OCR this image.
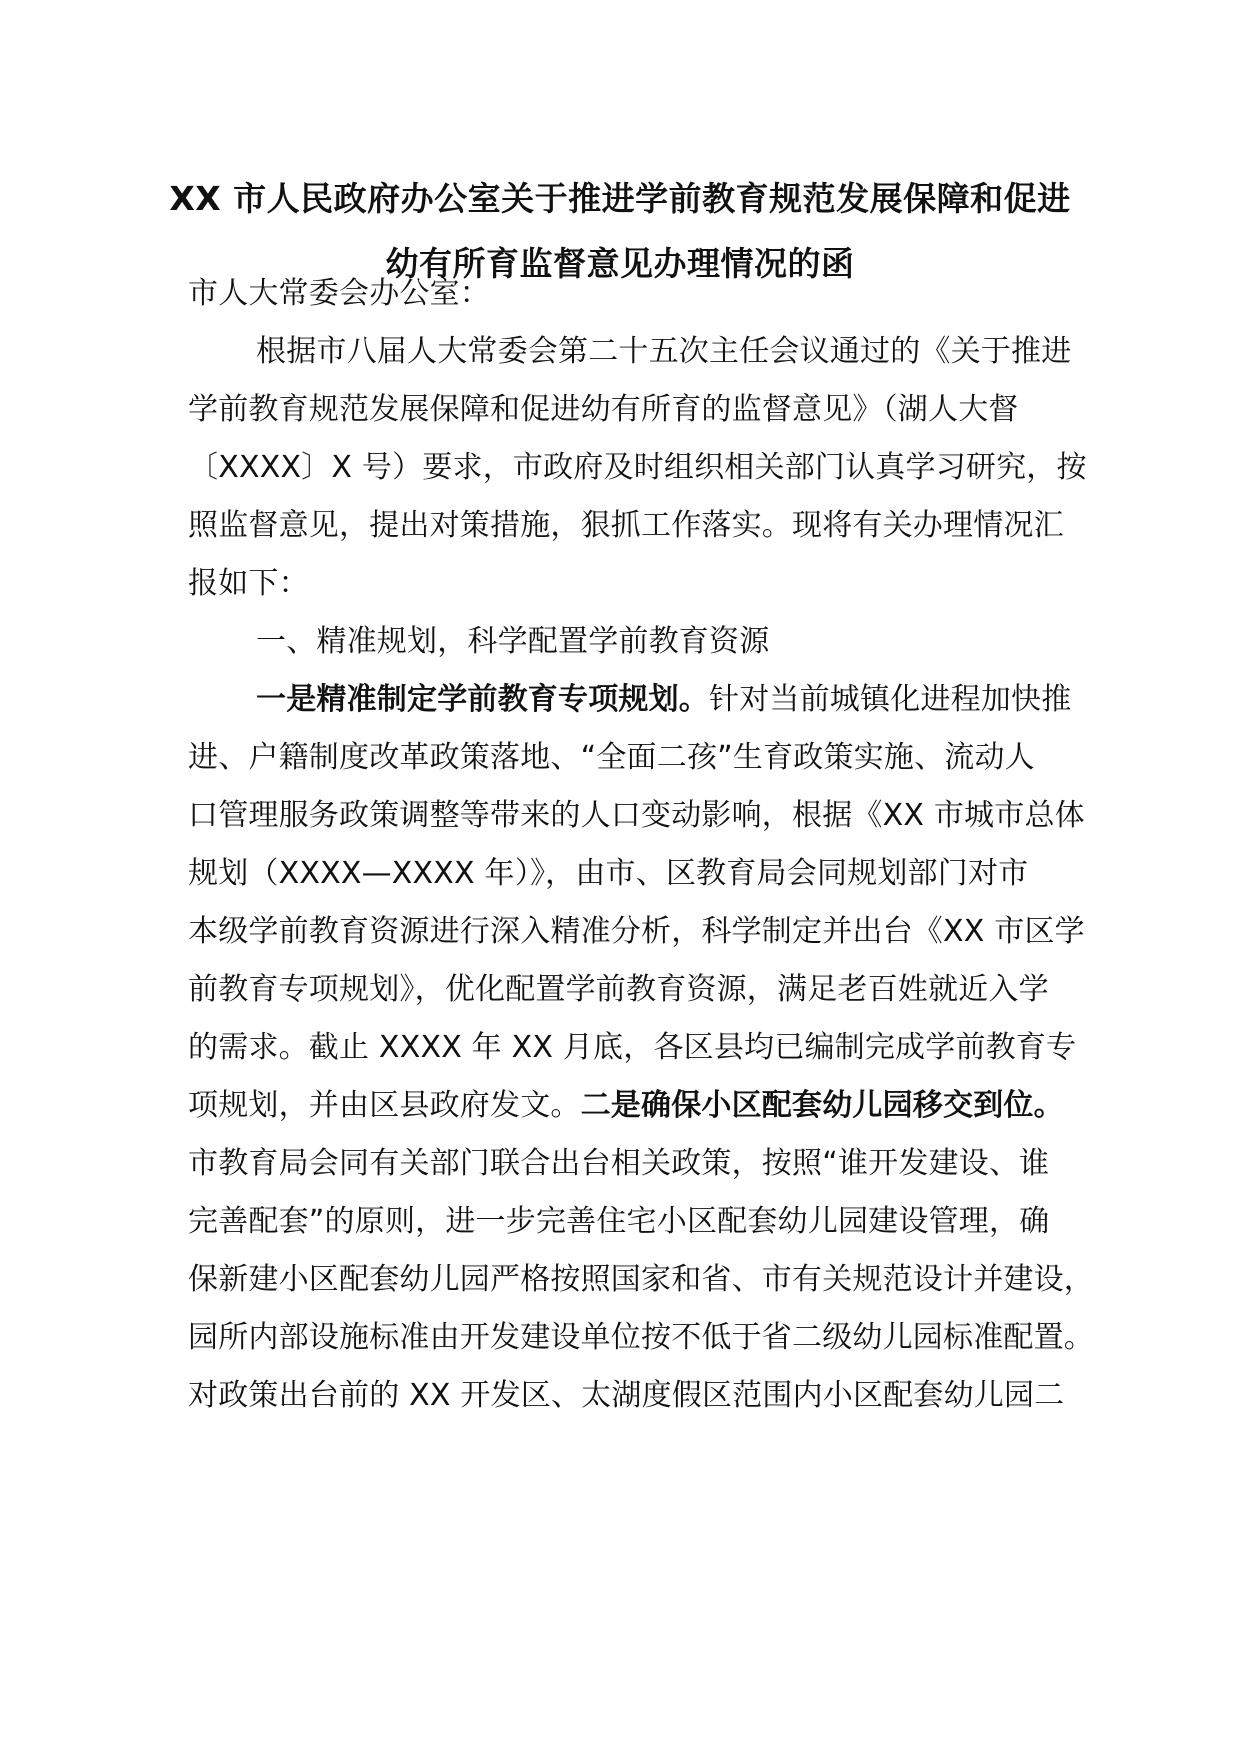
XX 市人民政府办公室关于推进学前教育规范发展保障和促进
幼有所育监督意见办理情况的函
市人大常委会办公室：
根据市八届人大常委会第二十五次主任会议通过的《关于推进
学前教育规范发展保障和促进幼有所育的监督意见》（湖人大督
〔XXXX〕X 号）要求，市政府及时组织相关部门认真学习研究，按
照监督意见，提出对策措施，狠抓工作落实。现将有关办理情况汇
报如下：
一、精准规划，科学配置学前教育资源
一是精准制定学前教育专项规划。针对当前城镇化进程加快推
进、户籍制度改革政策落地、“全面二孩”生育政策实施、流动人
口管理服务政策调整等带来的人口变动影响，根据《XX 市城市总体
规划（XXXX—XXXX 年）》，由市、区教育局会同规划部门对市
本级学前教育资源进行深入精准分析，科学制定并出台《XX 市区学
前教育专项规划》，优化配置学前教育资源，满足老百姓就近入学
的需求。截止 XXXX 年 XX 月底，各区县均已编制完成学前教育专
项规划，并由区县政府发文。二是确保小区配套幼儿园移交到位。
市教育局会同有关部门联合出台相关政策，按照“谁开发建设、谁
完善配套”的原则，进一步完善住宅小区配套幼儿园建设管理，确
保新建小区配套幼儿园严格按照国家和省、市有关规范设计并建设，
园所内部设施标准由开发建设单位按不低于省二级幼儿园标准配置。
对政策出台前的 XX 开发区、太湖度假区范围内小区配套幼儿园二
